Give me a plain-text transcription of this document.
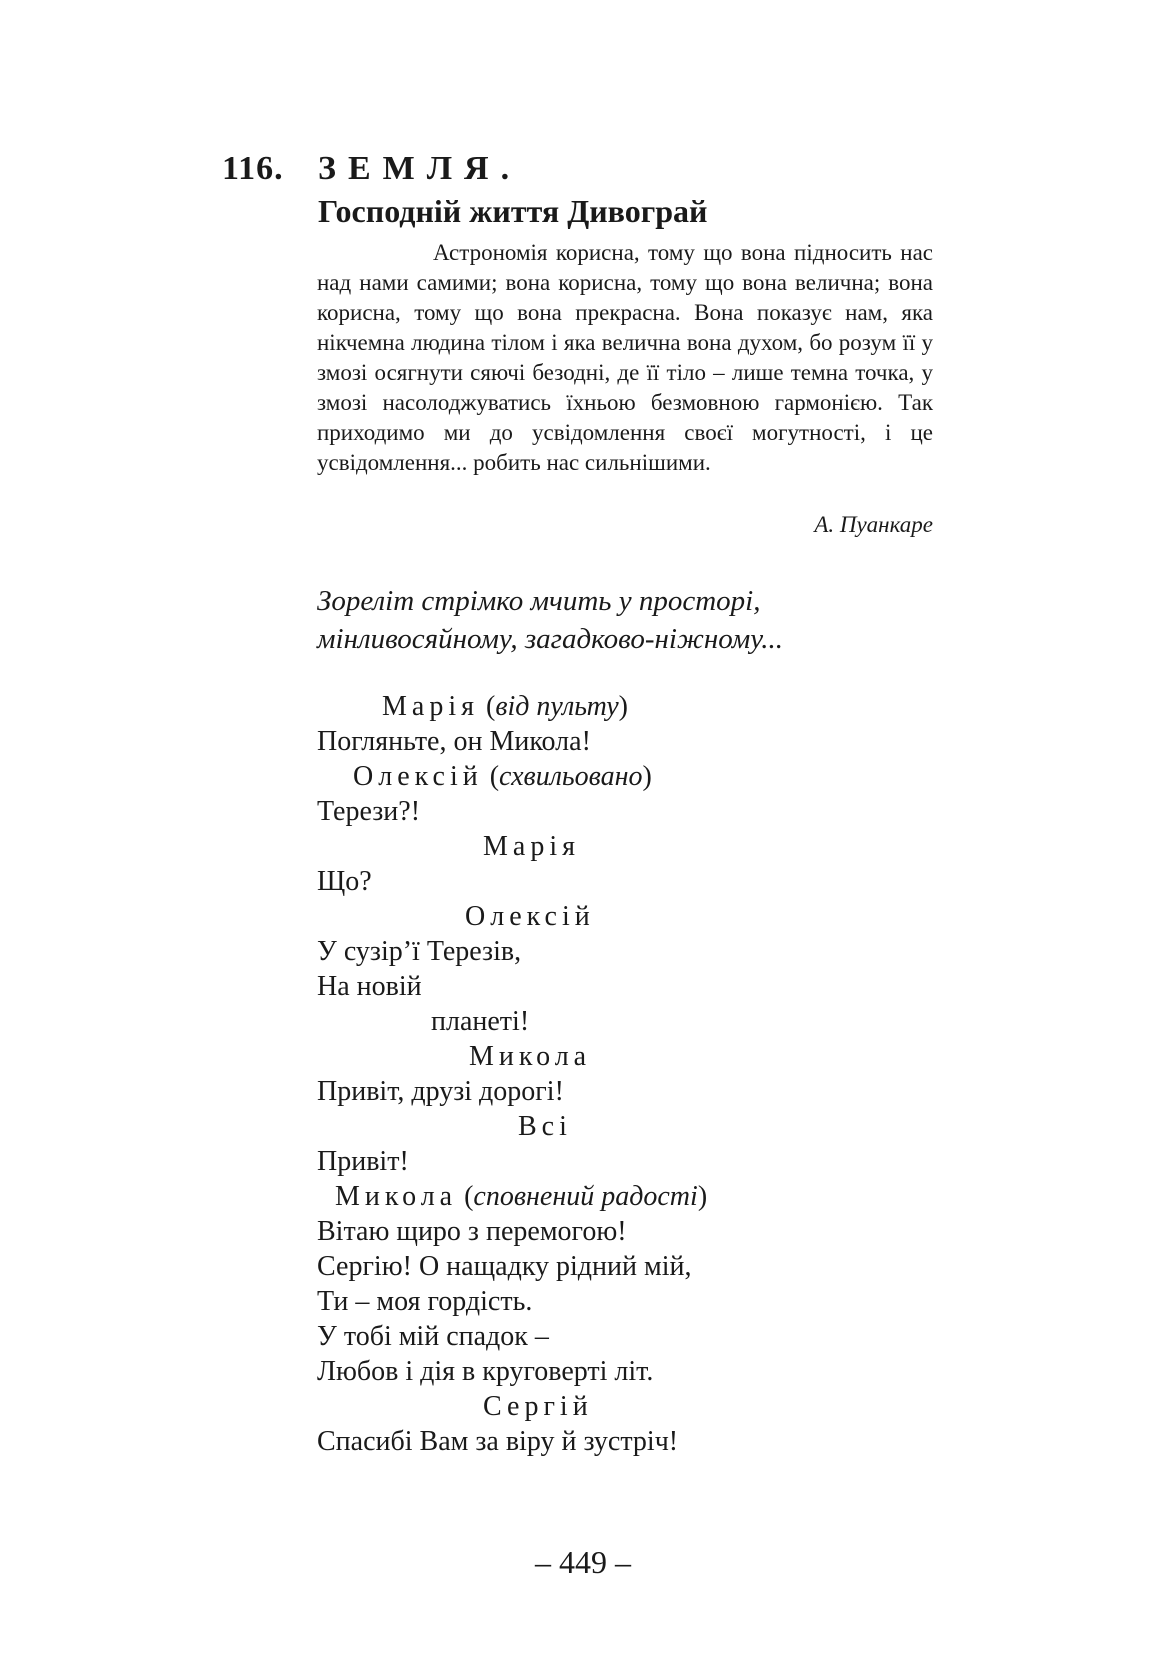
116. ЗЕМЛЯ.
Господній життя Дивограй

Астрономія корисна, тому що вона підносить нас над нами самими; вона корисна, тому що вона велична; вона корисна, тому що вона прекрасна. Вона показує нам, яка нікчемна людина тілом і яка велична вона духом, бо розум її у змозі осягнути сяючі безодні, де її тіло – лише темна точка, у змозі насолоджуватись їхньою безмовною гармонією. Так приходимо ми до усвідомлення своєї могутності, і це усвідомлення... робить нас сильнішими.

А. Пуанкаре
Зореліт стрімко мчить у просторі,
мінливосяйному, загадково-ніжному...
Марія (від пульту)
Погляньте, он Микола!
Олексій (схвильовано)
Терези?!
Марія
Що?
Олексій
У сузір’ї Терезів,
На новій
планеті!
Микола
Привіт, друзі дорогі!
Всі
Привіт!
Микола (сповнений радості)
Вітаю щиро з перемогою!
Сергію! О нащадку рідний мій,
Ти – моя гордість.
У тобі мій спадок –
Любов і дія в круговерті літ.
Сергій
Спасибі Вам за віру й зустріч!
– 449 –
